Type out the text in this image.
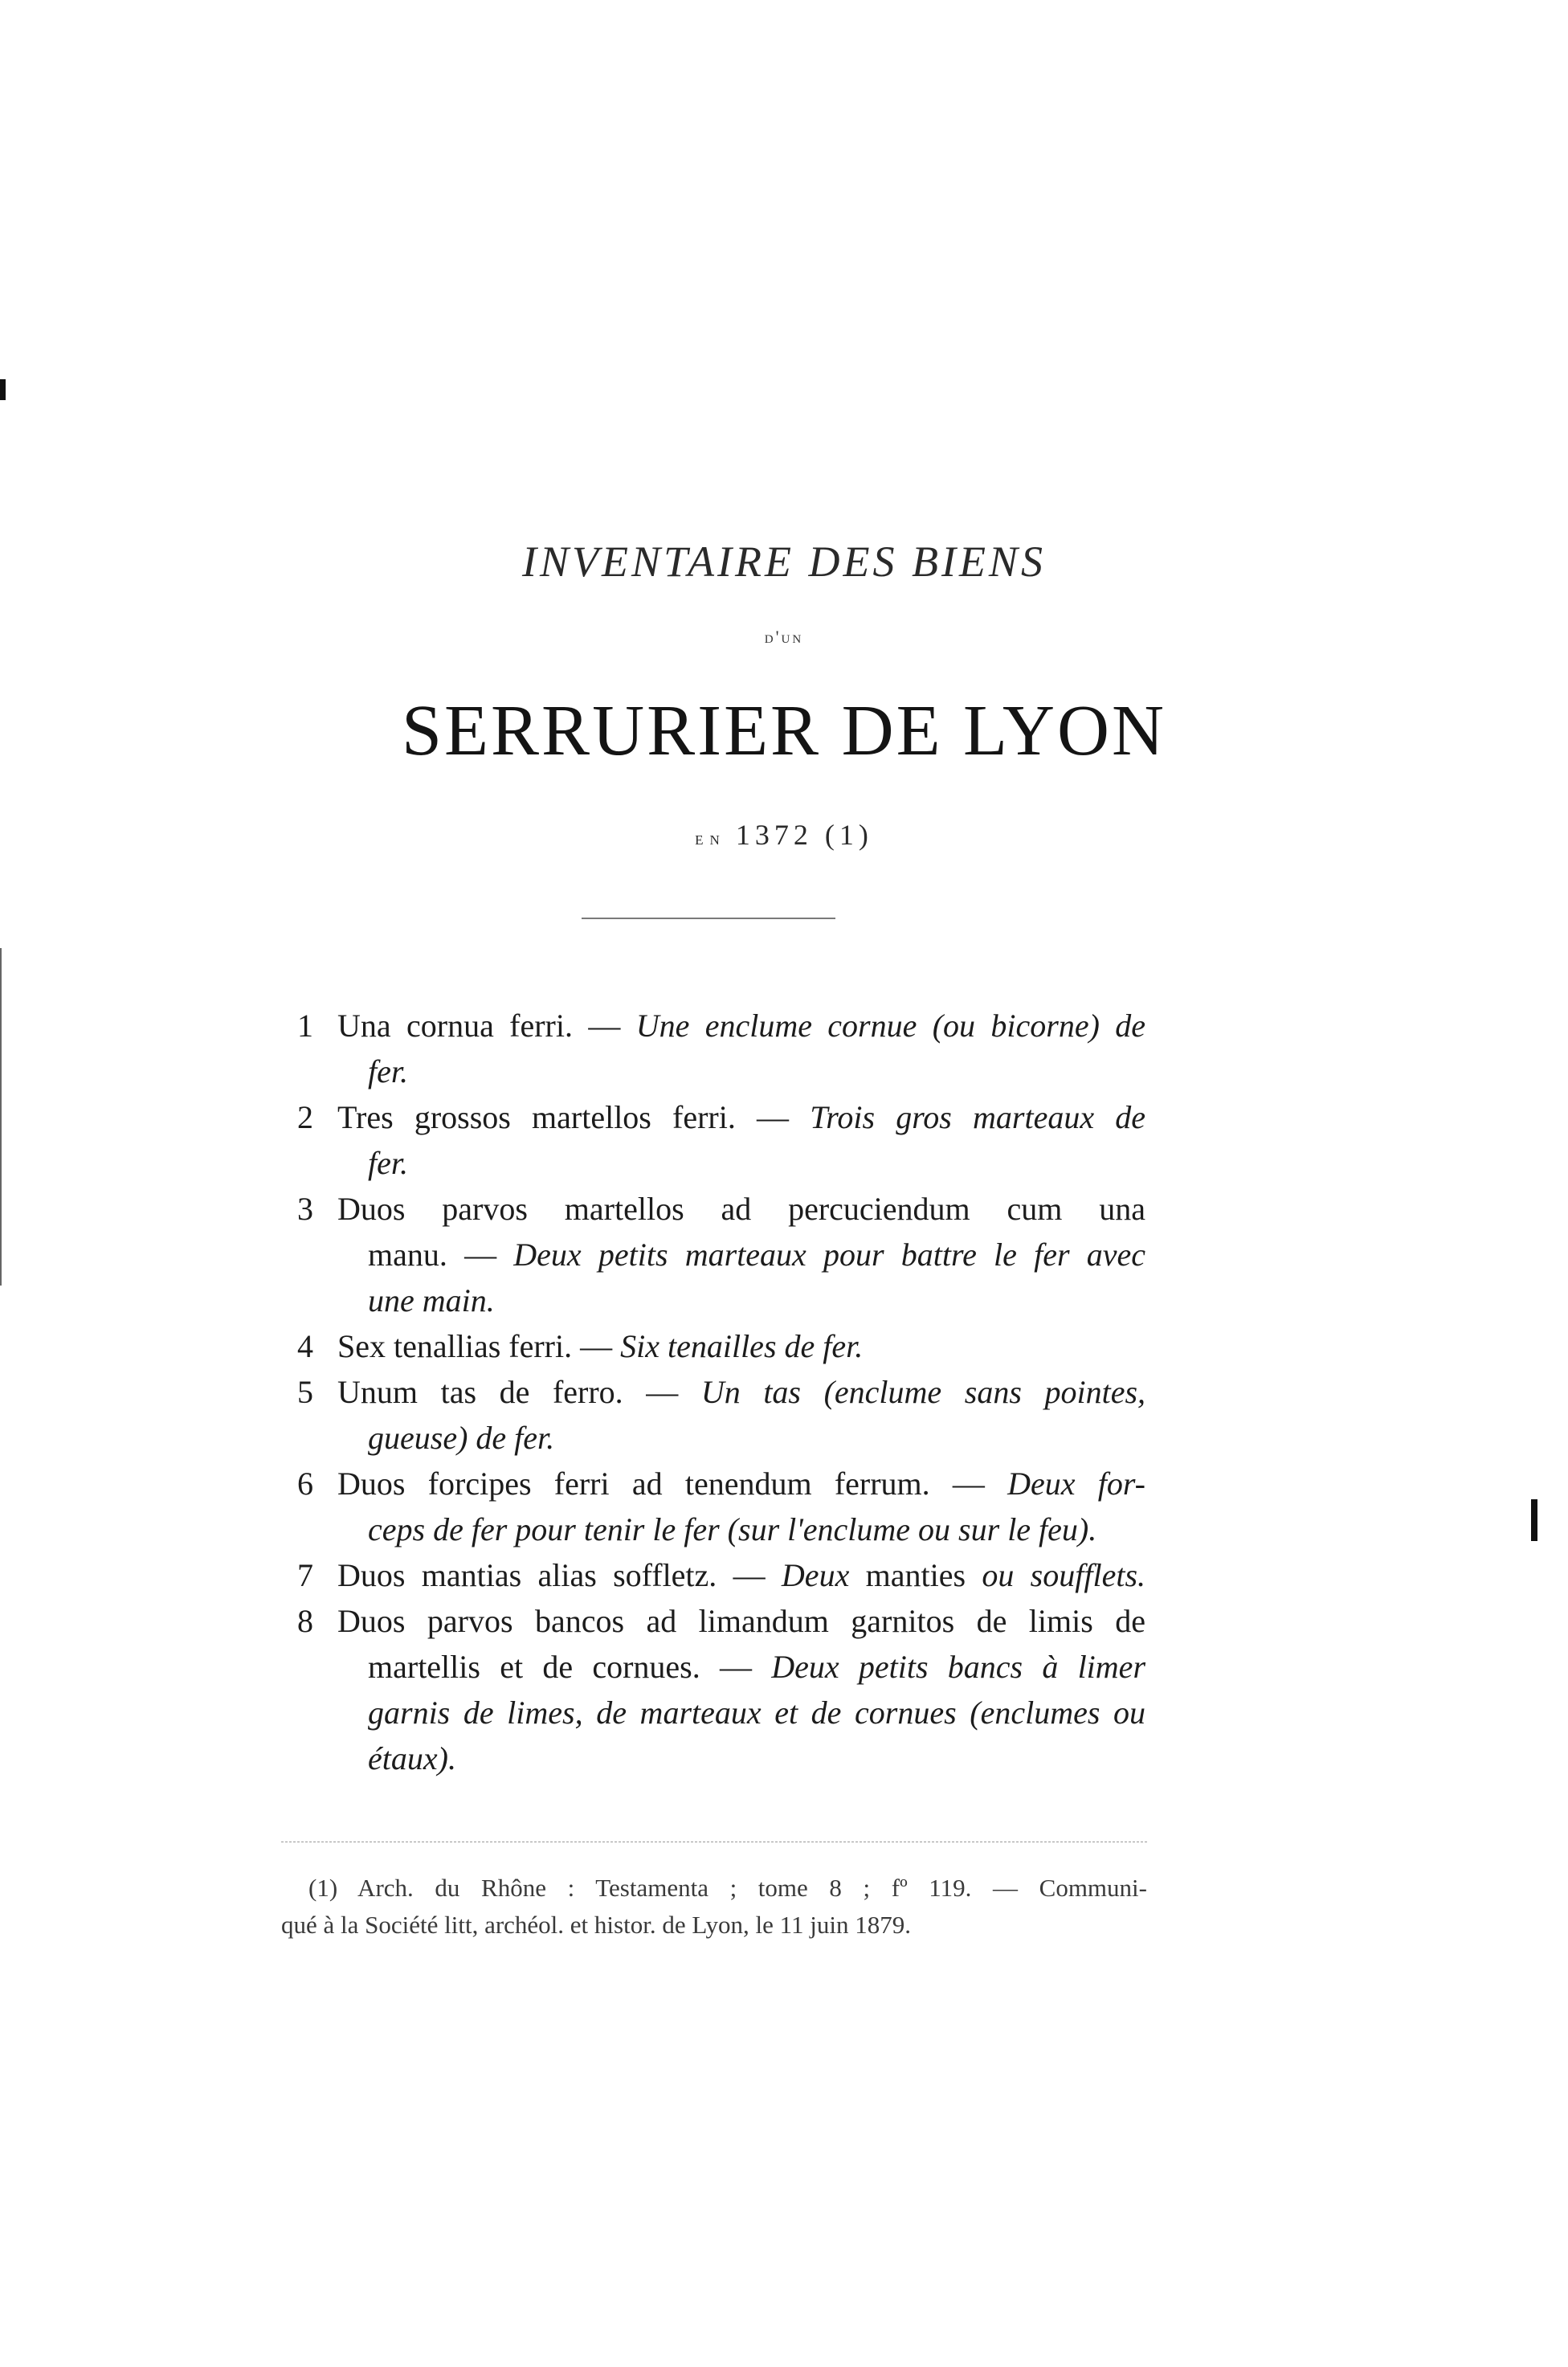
INVENTAIRE DES BIENS
d'un
SERRURIER DE LYON
en 1372 (1)
1 Una cornua ferri. — Une enclume cornue (ou bicorne) de
fer.
2 Tres grossos martellos ferri. — Trois gros marteaux de
fer.
3 Duos parvos martellos ad percuciendum cum una
manu. — Deux petits marteaux pour battre le fer avec
une main.
4 Sex tenallias ferri. — Six tenailles de fer.
5 Unum tas de ferro. — Un tas (enclume sans pointes,
gueuse) de fer.
6 Duos forcipes ferri ad tenendum ferrum. — Deux for-
ceps de fer pour tenir le fer (sur l'enclume ou sur le feu).
7 Duos mantias alias soffletz. — Deux manties ou soufflets.
8 Duos parvos bancos ad limandum garnitos de limis de
martellis et de cornues. — Deux petits bancs à limer
garnis de limes, de marteaux et de cornues (enclumes ou
étaux).
(1) Arch. du Rhône : Testamenta ; tome 8 ; fº 119. — Communi-
qué à la Société litt, archéol. et histor. de Lyon, le 11 juin 1879.
